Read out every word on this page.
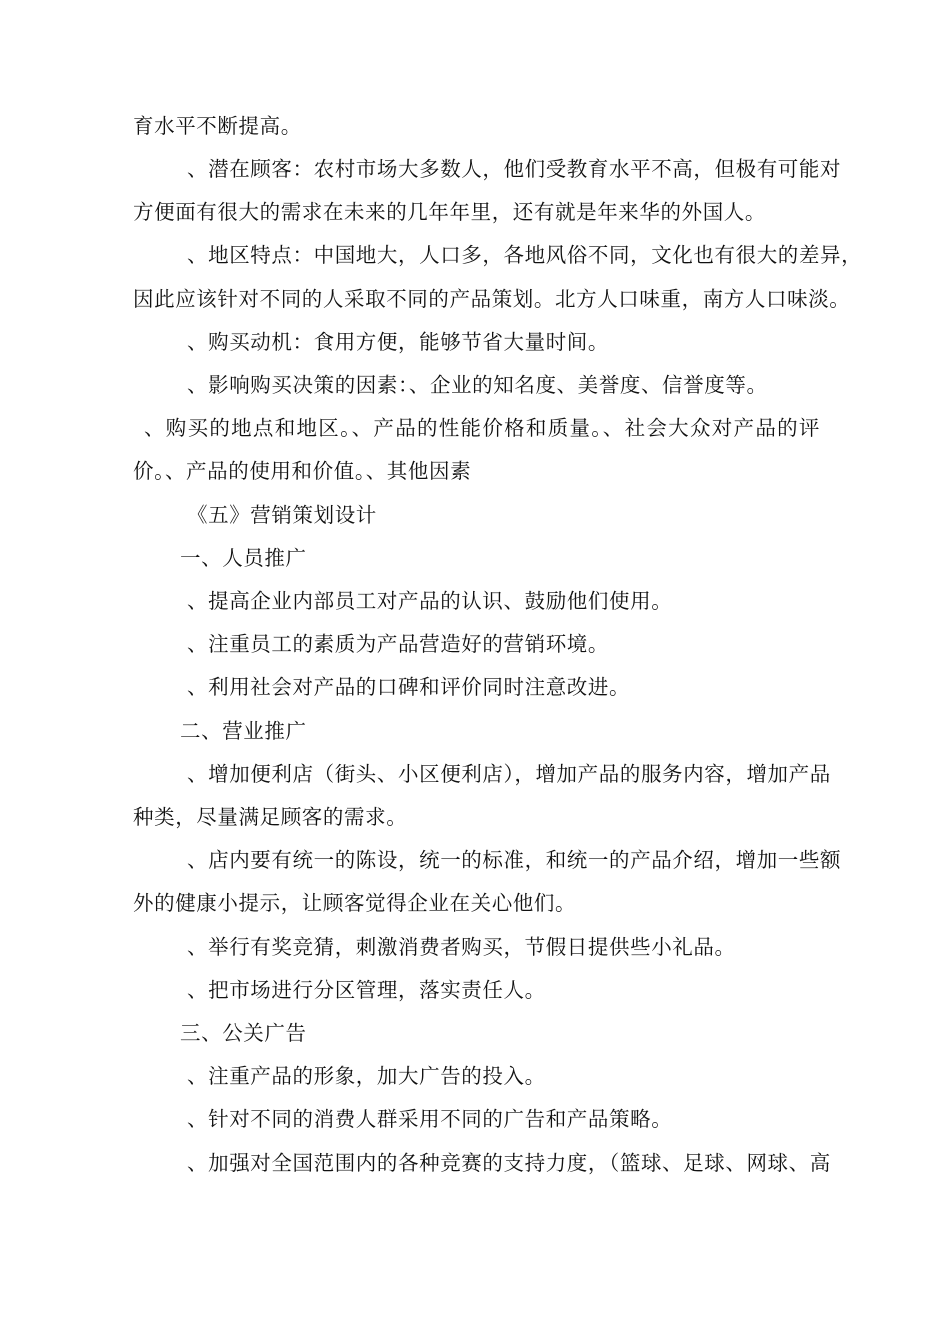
育水平不断提高。
、潜在顾客：农村市场大多数人，他们受教育水平不高，但极有可能对
方便面有很大的需求在未来的几年年里，还有就是年来华的外国人。
、地区特点：中国地大，人口多，各地风俗不同，文化也有很大的差异，
因此应该针对不同的人采取不同的产品策划。北方人口味重，南方人口味淡。
、购买动机：食用方便，能够节省大量时间。
、影响购买决策的因素：、企业的知名度、美誉度、信誉度等。
、购买的地点和地区。、产品的性能价格和质量。、社会大众对产品的评
价。、产品的使用和价值。、其他因素
《五》营销策划设计
一、人员推广
、提高企业内部员工对产品的认识、鼓励他们使用。
、注重员工的素质为产品营造好的营销环境。
、利用社会对产品的口碑和评价同时注意改进。
二、营业推广
、增加便利店（街头、小区便利店），增加产品的服务内容，增加产品
种类，尽量满足顾客的需求。
、店内要有统一的陈设，统一的标准，和统一的产品介绍，增加一些额
外的健康小提示，让顾客觉得企业在关心他们。
、举行有奖竞猜，刺激消费者购买，节假日提供些小礼品。
、把市场进行分区管理，落实责任人。
三、公关广告
、注重产品的形象，加大广告的投入。
、针对不同的消费人群采用不同的广告和产品策略。
、加强对全国范围内的各种竞赛的支持力度，（篮球、足球、网球、高
